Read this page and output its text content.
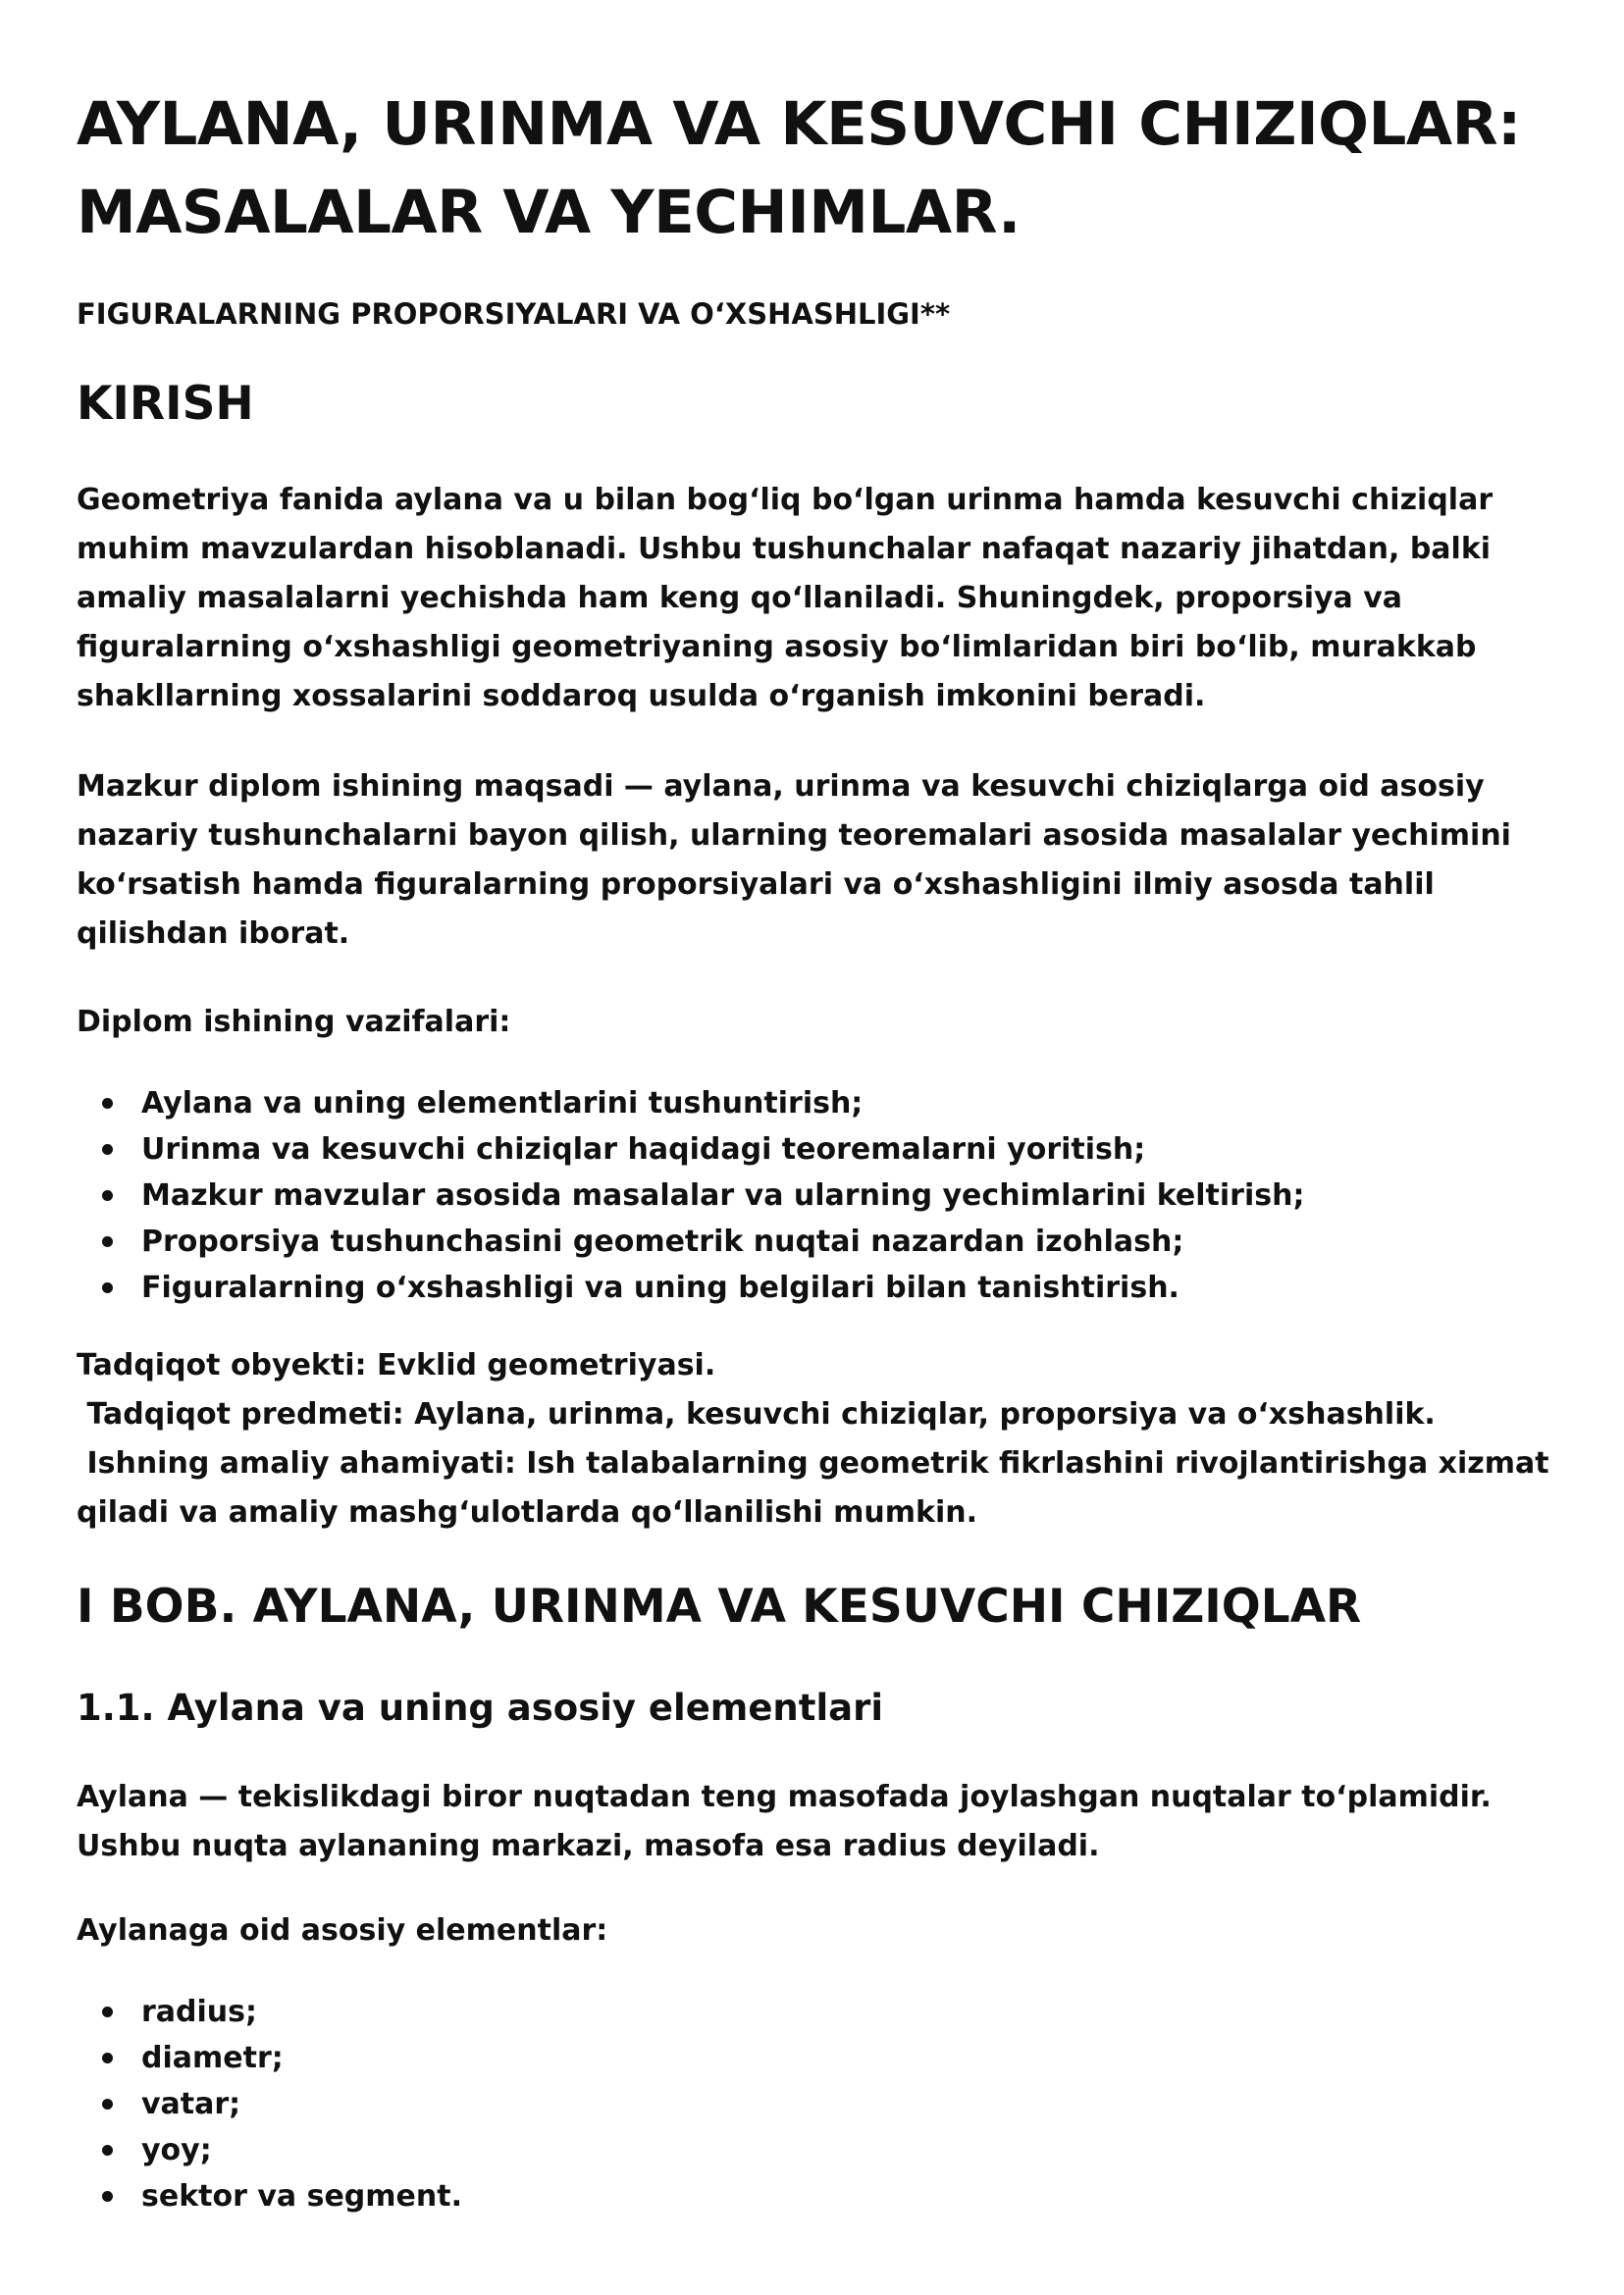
AYLANA, URINMA VA KESUVCHI CHIZIQLAR:
MASALALAR VA YECHIMLAR.

FIGURALARNING PROPORSIYALARI VA O‘XSHASHLIGI**

KIRISH
Geometriya fanida aylana va u bilan bog‘liq bo‘lgan urinma hamda kesuvchi chiziqlar
muhim mavzulardan hisoblanadi. Ushbu tushunchalar nafaqat nazariy jihatdan, balki
amaliy masalalarni yechishda ham keng qo‘llaniladi. Shuningdek, proporsiya va
figuralarning o‘xshashligi geometriyaning asosiy bo‘limlaridan biri bo‘lib, murakkab
shakllarning xossalarini soddaroq usulda o‘rganish imkonini beradi.
Mazkur diplom ishining maqsadi — aylana, urinma va kesuvchi chiziqlarga oid asosiy
nazariy tushunchalarni bayon qilish, ularning teoremalari asosida masalalar yechimini
ko‘rsatish hamda figuralarning proporsiyalari va o‘xshashligini ilmiy asosda tahlil
qilishdan iborat.

Diplom ishining vazifalari:

Aylana va uning elementlarini tushuntirish;
Urinma va kesuvchi chiziqlar haqidagi teoremalarni yoritish;
Mazkur mavzular asosida masalalar va ularning yechimlarini keltirish;
Proporsiya tushunchasini geometrik nuqtai nazardan izohlash;
Figuralarning o‘xshashligi va uning belgilari bilan tanishtirish.
Tadqiqot obyekti: Evklid geometriyasi.
Tadqiqot predmeti: Aylana, urinma, kesuvchi chiziqlar, proporsiya va o‘xshashlik.
Ishning amaliy ahamiyati: Ish talabalarning geometrik fikrlashini rivojlantirishga xizmat
qiladi va amaliy mashg‘ulotlarda qo‘llanilishi mumkin.
I BOB. AYLANA, URINMA VA KESUVCHI CHIZIQLAR
1.1. Aylana va uning asosiy elementlari
Aylana — tekislikdagi biror nuqtadan teng masofada joylashgan nuqtalar to‘plamidir.
Ushbu nuqta aylananing markazi, masofa esa radius deyiladi.

Aylanaga oid asosiy elementlar:

radius;
diametr;
vatar;
yoy;
sektor va segment.
